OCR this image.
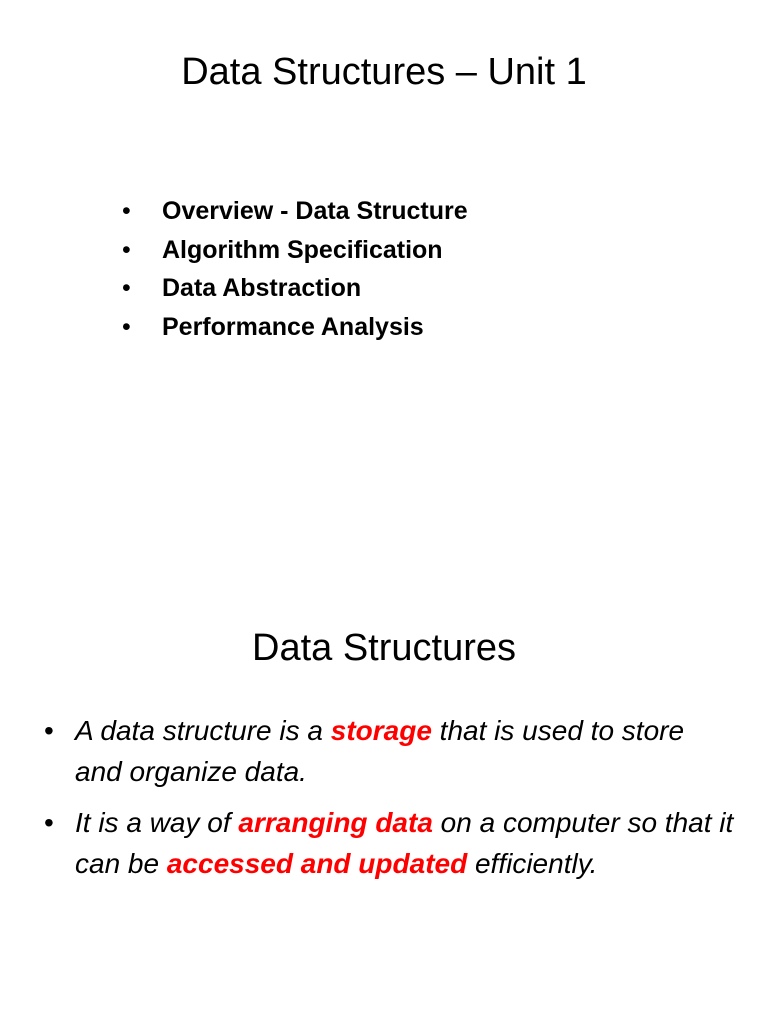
Data Structures – Unit 1
• Overview - Data Structure
• Algorithm Specification
• Data Abstraction
• Performance Analysis
Data Structures
• A data structure is a storage that is used to store and organize data.
• It is a way of arranging data on a computer so that it can be accessed and updated efficiently.
